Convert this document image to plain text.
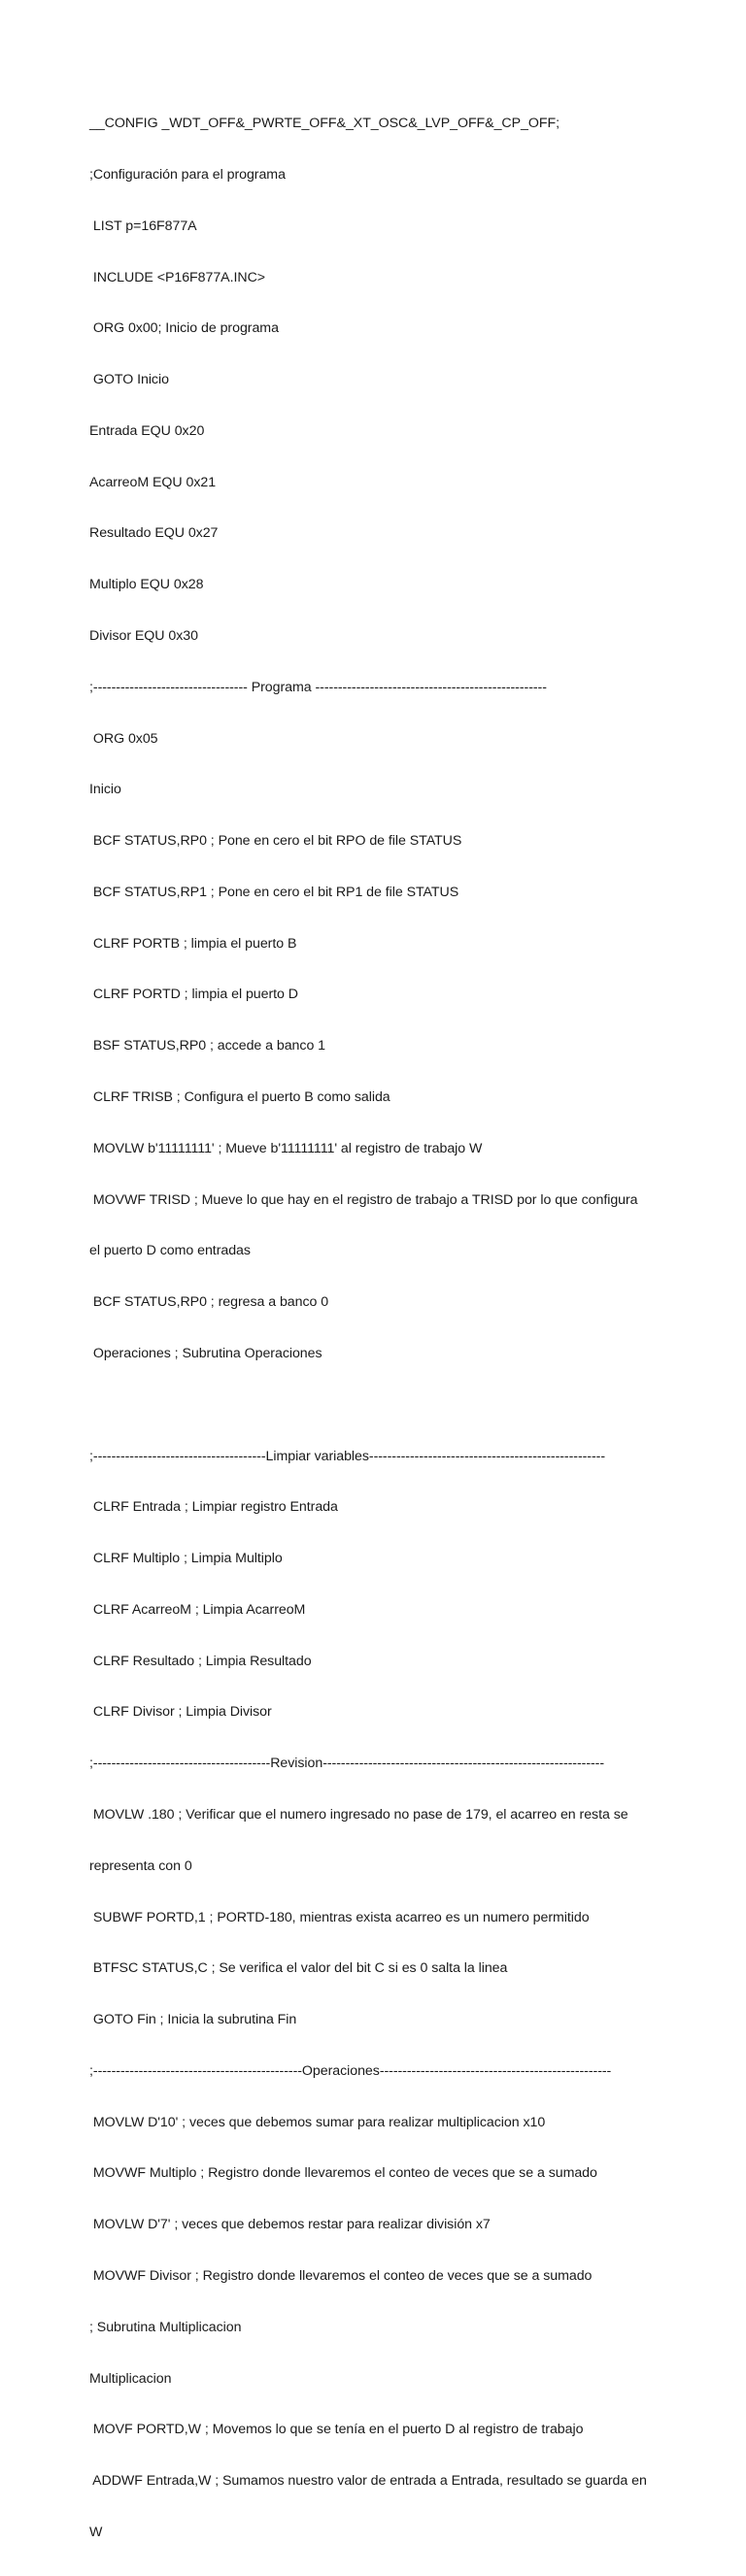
__CONFIG _WDT_OFF&_PWRTE_OFF&_XT_OSC&_LVP_OFF&_CP_OFF;

;Configuración para el programa

LIST p=16F877A

INCLUDE <P16F877A.INC>

ORG 0x00; Inicio de programa

GOTO Inicio

Entrada EQU 0x20

AcarreoM EQU 0x21

Resultado EQU 0x27

Multiplo EQU 0x28

Divisor EQU 0x30

;---------------------------------- Programa ---------------------------------------------------

ORG 0x05

Inicio

BCF STATUS,RP0 ; Pone en cero el bit RPO de file STATUS

BCF STATUS,RP1 ; Pone en cero el bit RP1 de file STATUS

CLRF PORTB ; limpia el puerto B

CLRF PORTD ; limpia el puerto D

BSF STATUS,RP0 ; accede a banco 1

CLRF TRISB ; Configura el puerto B como salida

MOVLW b'11111111' ; Mueve b'11111111' al registro de trabajo W

MOVWF TRISD ; Mueve lo que hay en el registro de trabajo a TRISD por lo que configura

el puerto D como entradas

BCF STATUS,RP0 ; regresa a banco 0

Operaciones ; Subrutina Operaciones

;--------------------------------------Limpiar variables----------------------------------------------------

CLRF Entrada ; Limpiar registro Entrada

CLRF Multiplo ; Limpia Multiplo

CLRF AcarreoM ; Limpia AcarreoM

CLRF Resultado ; Limpia Resultado

CLRF Divisor ; Limpia Divisor

;---------------------------------------Revision--------------------------------------------------------------

MOVLW .180 ; Verificar que el numero ingresado no pase de 179, el acarreo en resta se

representa con 0

SUBWF PORTD,1 ; PORTD-180, mientras exista acarreo es un numero permitido

BTFSC STATUS,C ; Se verifica el valor del bit C si es 0 salta la linea

GOTO Fin ; Inicia la subrutina Fin

;----------------------------------------------Operaciones---------------------------------------------------

MOVLW D'10' ; veces que debemos sumar para realizar multiplicacion x10

MOVWF Multiplo ; Registro donde llevaremos el conteo de veces que se a sumado

MOVLW D'7' ; veces que debemos restar para realizar división x7

MOVWF Divisor ; Registro donde llevaremos el conteo de veces que se a sumado

; Subrutina Multiplicacion

Multiplicacion

MOVF PORTD,W ; Movemos lo que se tenía en el puerto D al registro de trabajo

ADDWF Entrada,W ; Sumamos nuestro valor de entrada a Entrada, resultado se guarda en

W
